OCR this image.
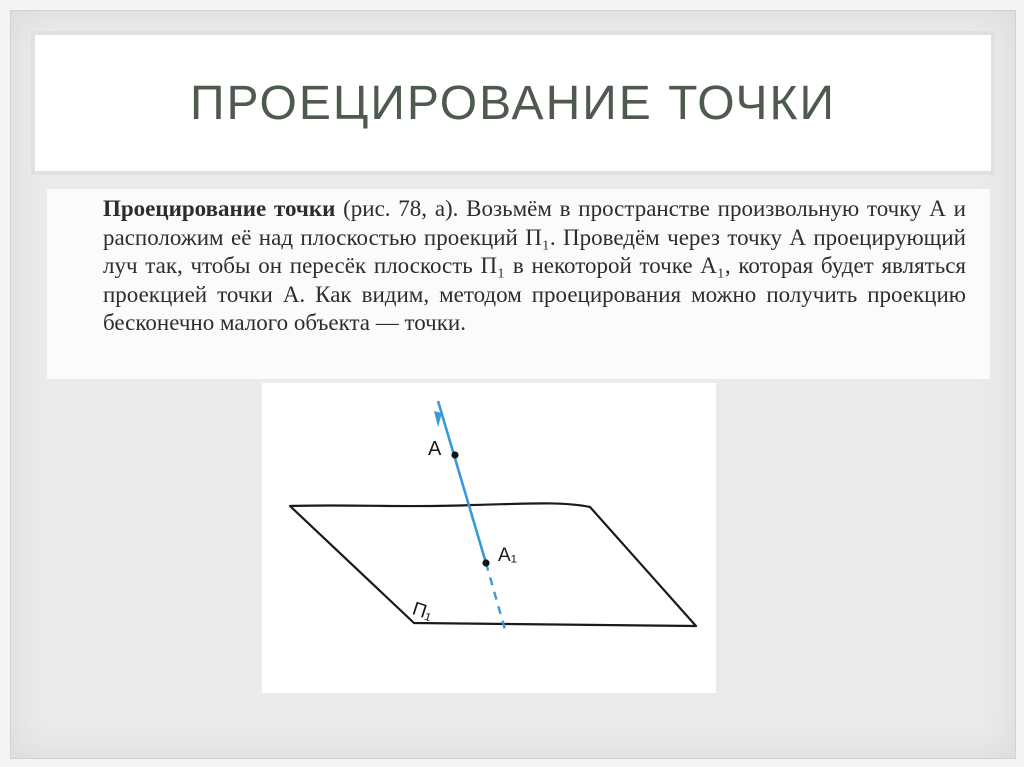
ПРОЕЦИРОВАНИЕ ТОЧКИ

Проецирование точки (рис. 78, а). Возьмём в пространстве произвольную точку А и расположим её над плоскостью проекций П₁. Проведём через точку А проецирующий луч так, чтобы он пересёк плоскость П₁ в некоторой точке А₁, которая будет являться проекцией точки А. Как видим, методом проецирования можно получить проекцию бесконечно малого объекта — точки.

A
A₁
П₁
